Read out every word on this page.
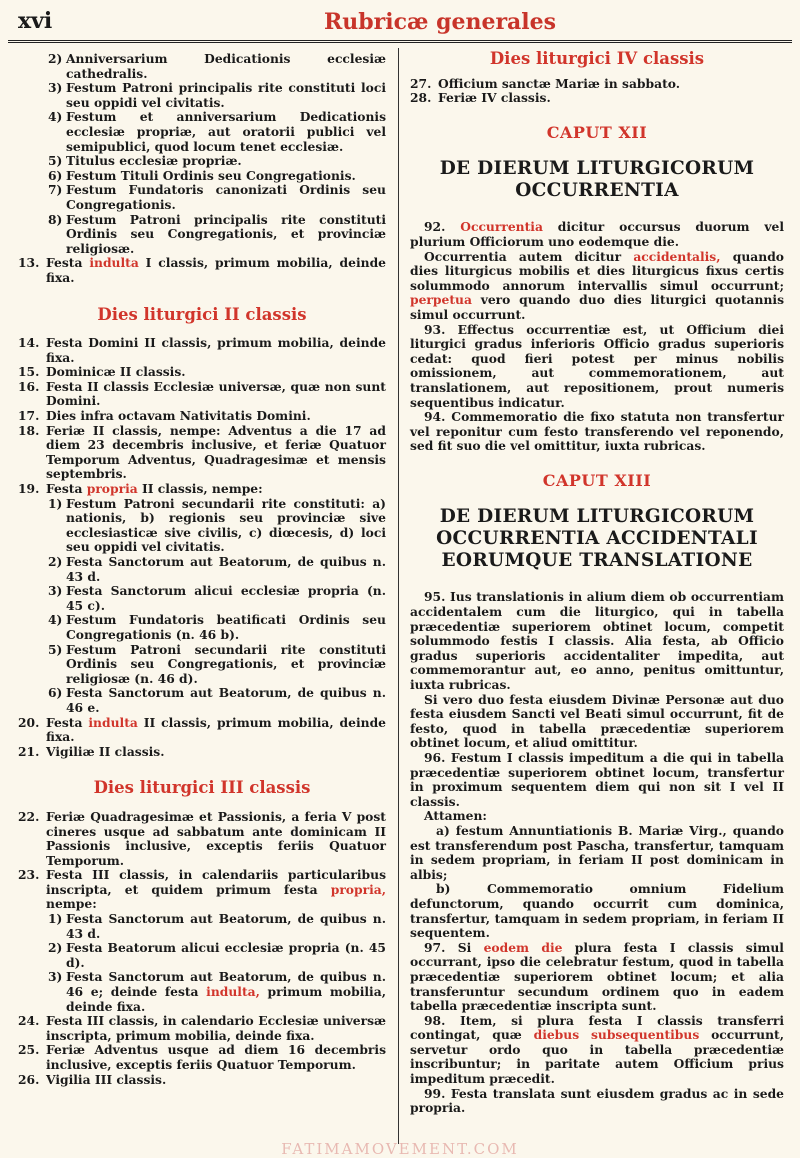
xvi	Rubricæ generales
2) Anniversarium Dedicationis ecclesiæ cathedralis.
3) Festum Patroni principalis rite constituti loci seu oppidi vel civitatis.
4) Festum et anniversarium Dedicationis ecclesiæ propriæ, aut oratorii publici vel semipublici, quod locum tenet ecclesiæ.
5) Titulus ecclesiæ propriæ.
6) Festum Tituli Ordinis seu Congregationis.
7) Festum Fundatoris canonizati Ordinis seu Congregationis.
8) Festum Patroni principalis rite constituti Ordinis seu Congregationis, et provinciæ religiosæ.
13. Festa indulta I classis, primum mobilia, deinde fixa.
Dies liturgici II classis
14. Festa Domini II classis, primum mobilia, deinde fixa.
15. Dominicæ II classis.
16. Festa II classis Ecclesiæ universæ, quæ non sunt Domini.
17. Dies infra octavam Nativitatis Domini.
18. Feriæ II classis, nempe: Adventus a die 17 ad diem 23 decembris inclusive, et feriæ Quatuor Temporum Adventus, Quadragesimæ et mensis septembris.
19. Festa propria II classis, nempe:
1) Festum Patroni secundarii rite constituti: a) nationis, b) regionis seu provinciæ sive ecclesiasticæ sive civilis, c) diœcesis, d) loci seu oppidi vel civitatis.
2) Festa Sanctorum aut Beatorum, de quibus n. 43 d.
3) Festa Sanctorum alicui ecclesiæ propria (n. 45 c).
4) Festum Fundatoris beatificati Ordinis seu Congregationis (n. 46 b).
5) Festum Patroni secundarii rite constituti Ordinis seu Congregationis, et provinciæ religiosæ (n. 46 d).
6) Festa Sanctorum aut Beatorum, de quibus n. 46 e.
20. Festa indulta II classis, primum mobilia, deinde fixa.
21. Vigiliæ II classis.
Dies liturgici III classis
22. Feriæ Quadragesimæ et Passionis, a feria V post cineres usque ad sabbatum ante dominicam II Passionis inclusive, exceptis feriis Quatuor Temporum.
23. Festa III classis, in calendariis particularibus inscripta, et quidem primum festa propria, nempe:
1) Festa Sanctorum aut Beatorum, de quibus n. 43 d.
2) Festa Beatorum alicui ecclesiæ propria (n. 45 d).
3) Festa Sanctorum aut Beatorum, de quibus n. 46 e; deinde festa indulta, primum mobilia, deinde fixa.
24. Festa III classis, in calendario Ecclesiæ universæ inscripta, primum mobilia, deinde fixa.
25. Feriæ Adventus usque ad diem 16 decembris inclusive, exceptis feriis Quatuor Temporum.
26. Vigilia III classis.
Dies liturgici IV classis
27. Officium sanctæ Mariæ in sabbato.
28. Feriæ IV classis.
CAPUT XII
DE DIERUM LITURGICORUM OCCURRENTIA

92. Occurrentia dicitur occursus duorum vel plurium Officiorum uno eodemque die.

Occurrentia autem dicitur accidentalis, quando dies liturgicus mobilis et dies liturgicus fixus certis solummodo annorum intervallis simul occurrunt; perpetua vero quando duo dies liturgici quotannis simul occurrunt.

93. Effectus occurrentiæ est, ut Officium diei liturgici gradus inferioris Officio gradus superioris cedat: quod fieri potest per minus nobilis omissionem, aut commemorationem, aut translationem, aut repositionem, prout numeris sequentibus indicatur.

94. Commemoratio die fixo statuta non transfertur vel reponitur cum festo transferendo vel reponendo, sed fit suo die vel omittitur, iuxta rubricas.

CAPUT XIII
DE DIERUM LITURGICORUM OCCURRENTIA ACCIDENTALI EORUMQUE TRANSLATIONE

95. Ius translationis in alium diem ob occurrentiam accidentalem cum die liturgico, qui in tabella præcedentiæ superiorem obtinet locum, competit solummodo festis I classis. Alia festa, ab Officio gradus superioris accidentaliter impedita, aut commemorantur aut, eo anno, penitus omittuntur, iuxta rubricas.

Si vero duo festa eiusdem Divinæ Personæ aut duo festa eiusdem Sancti vel Beati simul occurrunt, fit de festo, quod in tabella præcedentiæ superiorem obtinet locum, et aliud omittitur.

96. Festum I classis impeditum a die qui in tabella præcedentiæ superiorem obtinet locum, transfertur in proximum sequentem diem qui non sit I vel II classis.

Attamen:

a) festum Annuntiationis B. Mariæ Virg., quando est transferendum post Pascha, transfertur, tamquam in sedem propriam, in feriam II post dominicam in albis;

b) Commemoratio omnium Fidelium defunctorum, quando occurrit cum dominica, transfertur, tamquam in sedem propriam, in feriam II sequentem.

97. Si eodem die plura festa I classis simul occurrant, ipso die celebratur festum, quod in tabella præcedentiæ superiorem obtinet locum; et alia transferuntur secundum ordinem quo in eadem tabella præcedentiæ inscripta sunt.

98. Item, si plura festa I classis transferri contingat, quæ diebus subsequentibus occurrunt, servetur ordo quo in tabella præcedentiæ inscribuntur; in paritate autem Officium prius impeditum præcedit.

99. Festa translata sunt eiusdem gradus ac in sede propria.

FATIMAMOVEMENT.COM
